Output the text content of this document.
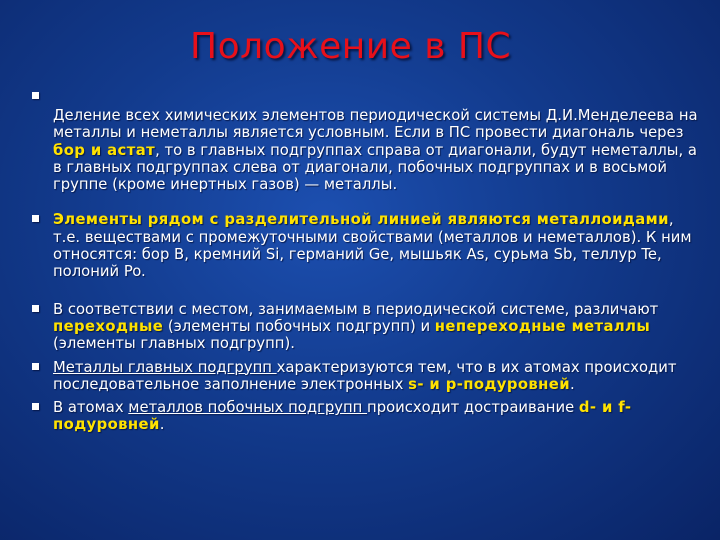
Положение в ПС
Деление всех химических элементов периодической системы Д.И.Менделеева на металлы и неметаллы является условным. Если в ПС провести диагональ через бор и астат, то в главных подгруппах справа от диагонали, будут неметаллы, а в главных подгруппах слева от диагонали, побочных подгруппах и в восьмой группе (кроме инертных газов) — металлы.
Элементы рядом с разделительной линией являются металлоидами, т.е. веществами с промежуточными свойствами (металлов и неметаллов). К ним относятся: бор B, кремний Si, германий Ge, мышьяк As, сурьма Sb, теллур Te, полоний Po.
В соответствии с местом, занимаемым в периодической системе, различают переходные (элементы побочных подгрупп) и непереходные металлы (элементы главных подгрупп).
Металлы главных подгрупп характеризуются тем, что в их атомах происходит последовательное заполнение электронных s- и p-подуровней.
В атомах металлов побочных подгрупп происходит достраивание d- и f-подуровней.
